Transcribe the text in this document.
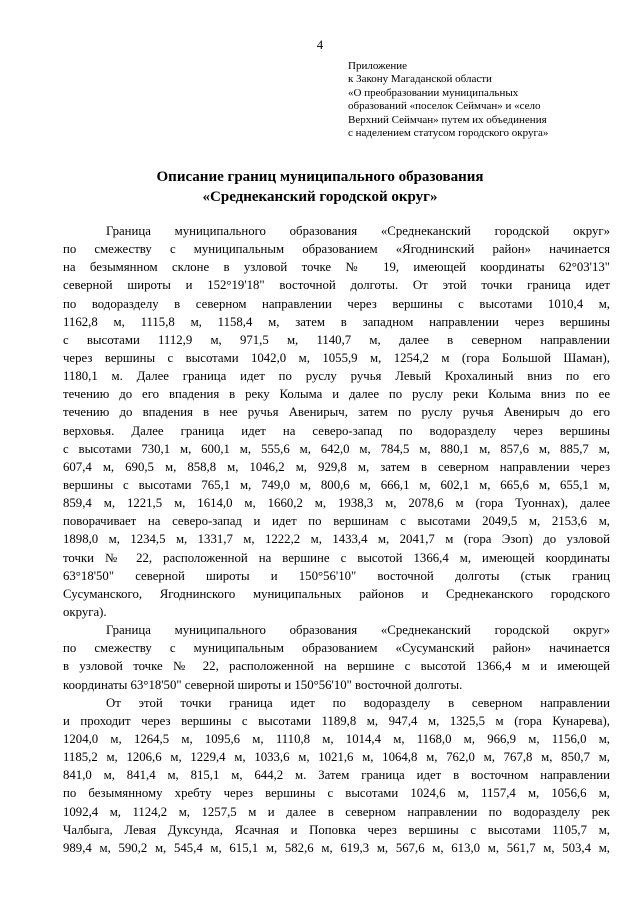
4
Приложение
к Закону Магаданской области
«О преобразовании муниципальных
образований «поселок Сеймчан» и «село
Верхний Сеймчан» путем их объединения
с наделением статусом городского округа»
Описание границ муниципального образования
«Среднеканский городской округ»
Граница муниципального образования «Среднеканский городской округ»
по смежеству с муниципальным образованием «Ягоднинский район» начинается
на безымянном склоне в узловой точке № 19, имеющей координаты 62°03'13"
северной широты и 152°19'18" восточной долготы. От этой точки граница идет
по водоразделу в северном направлении через вершины с высотами 1010,4 м,
1162,8 м, 1115,8 м, 1158,4 м, затем в западном направлении через вершины
с высотами 1112,9 м, 971,5 м, 1140,7 м, далее в северном направлении
через вершины с высотами 1042,0 м, 1055,9 м, 1254,2 м (гора Большой Шаман),
1180,1 м. Далее граница идет по руслу ручья Левый Крохалиный вниз по его
течению до его впадения в реку Колыма и далее по руслу реки Колыма вниз по ее
течению до впадения в нее ручья Авенирыч, затем по руслу ручья Авенирыч до его
верховья. Далее граница идет на северо-запад по водоразделу через вершины
с высотами 730,1 м, 600,1 м, 555,6 м, 642,0 м, 784,5 м, 880,1 м, 857,6 м, 885,7 м,
607,4 м, 690,5 м, 858,8 м, 1046,2 м, 929,8 м, затем в северном направлении через
вершины с высотами 765,1 м, 749,0 м, 800,6 м, 666,1 м, 602,1 м, 665,6 м, 655,1 м,
859,4 м, 1221,5 м, 1614,0 м, 1660,2 м, 1938,3 м, 2078,6 м (гора Туоннах), далее
поворачивает на северо-запад и идет по вершинам с высотами 2049,5 м, 2153,6 м,
1898,0 м, 1234,5 м, 1331,7 м, 1222,2 м, 1433,4 м, 2041,7 м (гора Эзоп) до узловой
точки № 22, расположенной на вершине с высотой 1366,4 м, имеющей координаты
63°18'50" северной широты и 150°56'10" восточной долготы (стык границ
Сусуманского, Ягоднинского муниципальных районов и Среднеканского городского
округа).
Граница муниципального образования «Среднеканский городской округ»
по смежеству с муниципальным образованием «Сусуманский район» начинается
в узловой точке № 22, расположенной на вершине с высотой 1366,4 м и имеющей
координаты 63°18'50" северной широты и 150°56'10" восточной долготы.
От этой точки граница идет по водоразделу в северном направлении
и проходит через вершины с высотами 1189,8 м, 947,4 м, 1325,5 м (гора Кунарева),
1204,0 м, 1264,5 м, 1095,6 м, 1110,8 м, 1014,4 м, 1168,0 м, 966,9 м, 1156,0 м,
1185,2 м, 1206,6 м, 1229,4 м, 1033,6 м, 1021,6 м, 1064,8 м, 762,0 м, 767,8 м, 850,7 м,
841,0 м, 841,4 м, 815,1 м, 644,2 м. Затем граница идет в восточном направлении
по безымянному хребту через вершины с высотами 1024,6 м, 1157,4 м, 1056,6 м,
1092,4 м, 1124,2 м, 1257,5 м и далее в северном направлении по водоразделу рек
Чалбыга, Левая Дуксунда, Ясачная и Поповка через вершины с высотами 1105,7 м,
989,4 м, 590,2 м, 545,4 м, 615,1 м, 582,6 м, 619,3 м, 567,6 м, 613,0 м, 561,7 м, 503,4 м,
